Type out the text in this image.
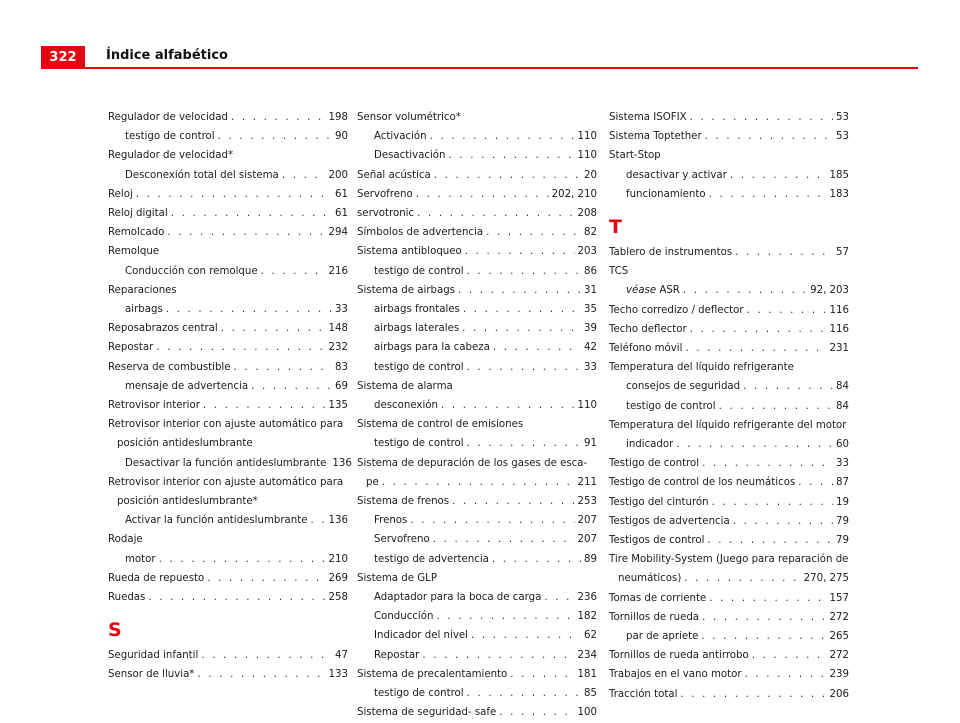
322	Índice alfabético
Regulador de velocidad . . .	198
testigo de control . . .	90
Regulador de velocidad*
Desconexión total del sistema . . .	200
Reloj . . .	61
Reloj digital . . .	61
Remolcado . . .	294
Remolque
Conducción con remolque . . .	216
Reparaciones
airbags . . .	33
Reposabrazos central . . .	148
Repostar . . .	232
Reserva de combustible . . .	83
mensaje de advertencia . . .	69
Retrovisor interior . . .	135
Retrovisor interior con ajuste automático para
posición antideslumbrante
Desactivar la función antideslumbrante 136
Retrovisor interior con ajuste automático para
posición antideslumbrante*
Activar la función antideslumbrante . . . 136
Rodaje
motor . . .	210
Rueda de repuesto . . .	269
Ruedas . . .	258
S
Seguridad infantil . . .	47
Sensor de lluvia* . . .	133
Sensor volumétrico*
Activación . . .	110
Desactivación . . .	110
Señal acústica . . .	20
Servofreno . . .	202, 210
servotronic . . .	208
Símbolos de advertencia . . .	82
Sistema antibloqueo . . .	203
testigo de control . . .	86
Sistema de airbags . . .	31
airbags frontales . . .	35
airbags laterales . . .	39
airbags para la cabeza . . .	42
testigo de control . . .	33
Sistema de alarma
desconexión . . .	110
Sistema de control de emisiones
testigo de control . . .	91
Sistema de depuración de los gases de esca-
pe . . .	211
Sistema de frenos . . .	253
Frenos . . .	207
Servofreno . . .	207
testigo de advertencia . . .	89
Sistema de GLP
Adaptador para la boca de carga . . .	236
Conducción . . .	182
Indicador del nivel . . .	62
Repostar . . .	234
Sistema de precalentamiento . . .	181
testigo de control . . .	85
Sistema de seguridad- safe . . .	100
Sistema ISOFIX . . .	53
Sistema Toptether . . .	53
Start-Stop
desactivar y activar . . .	185
funcionamiento . . .	183
T
Tablero de instrumentos . . .	57
TCS
véase ASR . . .	92, 203
Techo corredizo / deflector . . .	116
Techo deflector . . .	116
Teléfono móvil . . .	231
Temperatura del líquido refrigerante
consejos de seguridad . . .	84
testigo de control . . .	84
Temperatura del líquido refrigerante del motor
indicador . . .	60
Testigo de control . . .	33
Testigo de control de los neumáticos . . .	87
Testigo del cinturón . . .	19
Testigos de advertencia . . .	79
Testigos de control . . .	79
Tire Mobility-System (Juego para reparación de
neumáticos) . . .	270, 275
Tomas de corriente . . .	157
Tornillos de rueda . . .	272
par de apriete . . .	265
Tornillos de rueda antirrobo . . .	272
Trabajos en el vano motor . . .	239
Tracción total . . .	206
